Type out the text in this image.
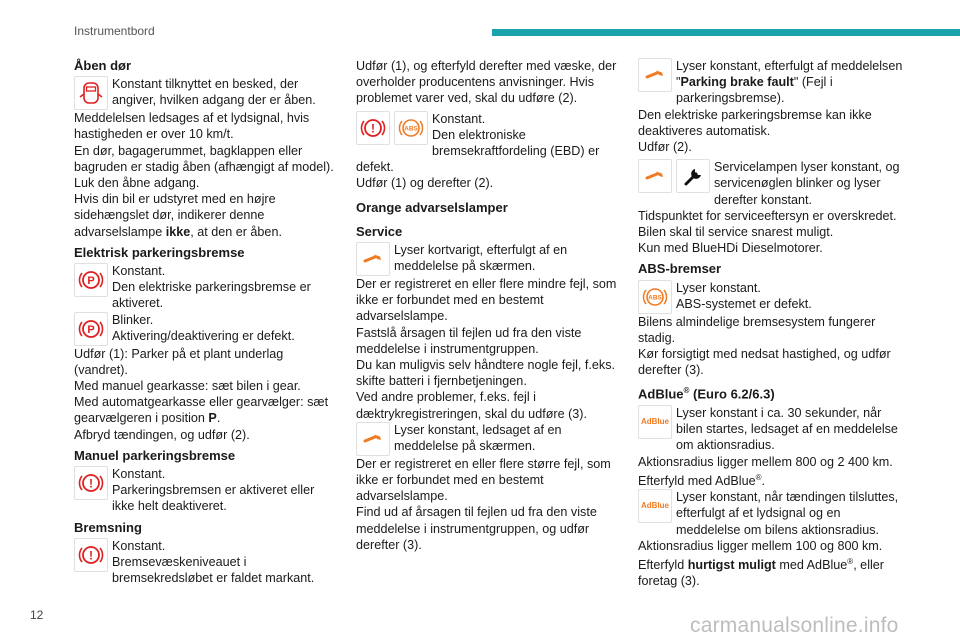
Instrumentbord
Åben dør

Konstant tilknyttet en besked, der angiver, hvilken adgang der er åben.

Meddelelsen ledsages af et lydsignal, hvis hastigheden er over 10 km/t.

En dør, bagagerummet, bagklappen eller bagruden er stadig åben (afhængigt af model).

Luk den åbne adgang.

Hvis din bil er udstyret med en højre sidehængslet dør, indikerer denne advarselslampe ikke, at den er åben.

Elektrisk parkeringsbremse
P

Konstant.

Den elektriske parkeringsbremse er aktiveret.

P

Blinker.

Aktivering/deaktivering er defekt.

Udfør (1): Parker på et plant underlag (vandret).

Med manuel gearkasse: sæt bilen i gear.

Med automatgearkasse eller gearvælger: sæt gearvælgeren i position P.

Afbryd tændingen, og udfør (2).

Manuel parkeringsbremse
!

Konstant.

Parkeringsbremsen er aktiveret eller ikke helt deaktiveret.

Bremsning
!

Konstant.

Bremsevæskeniveauet i bremsekredsløbet er faldet markant.

Udfør (1), og efterfyld derefter med væske, der overholder producentens anvisninger. Hvis problemet varer ved, skal du udføre (2).

!	ABS

Konstant.

Den elektroniske bremsekraftfordeling (EBD) er defekt.

Udfør (1) og derefter (2).

Orange advarselslamper
Service

Lyser kortvarigt, efterfulgt af en meddelelse på skærmen.

Der er registreret en eller flere mindre fejl, som ikke er forbundet med en bestemt advarselslampe.

Fastslå årsagen til fejlen ud fra den viste meddelelse i instrumentgruppen.

Du kan muligvis selv håndtere nogle fejl, f.eks. skifte batteri i fjernbetjeningen.

Ved andre problemer, f.eks. fejl i dæktrykregistreringen, skal du udføre (3).

Lyser konstant, ledsaget af en meddelelse på skærmen.

Der er registreret en eller flere større fejl, som ikke er forbundet med en bestemt advarselslampe.

Find ud af årsagen til fejlen ud fra den viste meddelelse i instrumentgruppen, og udfør derefter (3).

Lyser konstant, efterfulgt af meddelelsen "Parking brake fault" (Fejl i parkeringsbremse).

Den elektriske parkeringsbremse kan ikke deaktiveres automatisk.

Udfør (2).

Servicelampen lyser konstant, og servicenøglen blinker og lyser derefter konstant.

Tidspunktet for serviceeftersyn er overskredet.

Bilen skal til service snarest muligt.

Kun med BlueHDi Dieselmotorer.

ABS-bremser
ABS

Lyser konstant.

ABS-systemet er defekt.

Bilens almindelige bremsesystem fungerer stadig.

Kør forsigtigt med nedsat hastighed, og udfør derefter (3).

AdBlue® (Euro 6.2/6.3)
AdBlue

Lyser konstant i ca. 30 sekunder, når bilen startes, ledsaget af en meddelelse om aktionsradius.

Aktionsradius ligger mellem 800 og 2 400 km.

Efterfyld med AdBlue®.

AdBlue

Lyser konstant, når tændingen tilsluttes, efterfulgt af et lydsignal og en meddelelse om bilens aktionsradius.

Aktionsradius ligger mellem 100 og 800 km.

Efterfyld hurtigst muligt med AdBlue®, eller foretag (3).

12	carmanualsonline.info
